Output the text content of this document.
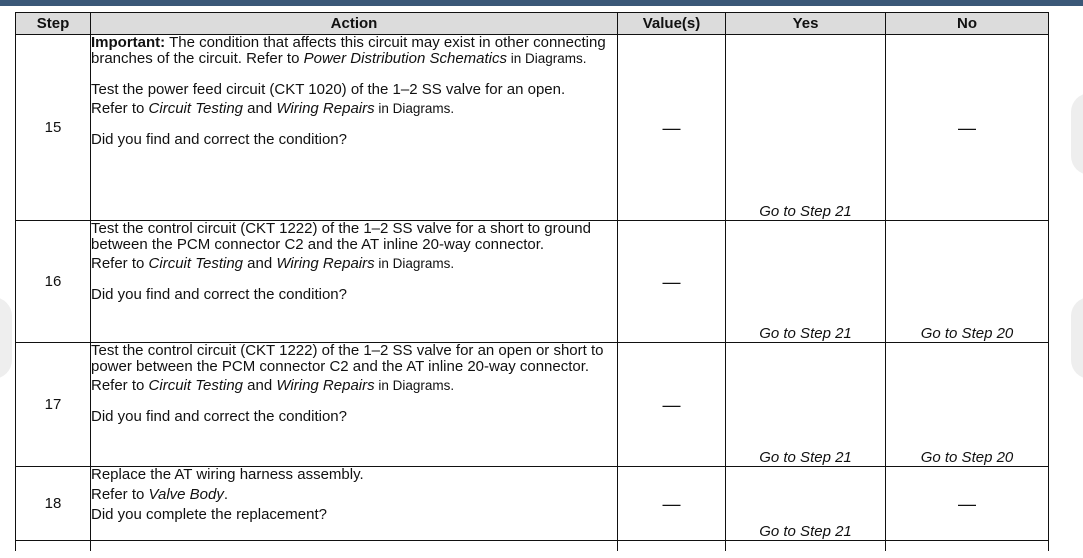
Step	Action	Value(s)	Yes	No
15	Important: The condition that affects this circuit may exist in other connecting branches of the circuit. Refer to Power Distribution Schematics in Diagrams.

Test the power feed circuit (CKT 1020) of the 1–2 SS valve for an open.

Refer to Circuit Testing and Wiring Repairs in Diagrams.

Did you find and correct the condition?	—	Go to Step 21	—
16	Test the control circuit (CKT 1222) of the 1–2 SS valve for a short to ground between the PCM connector C2 and the AT inline 20-way connector.

Refer to Circuit Testing and Wiring Repairs in Diagrams.

Did you find and correct the condition?	—	Go to Step 21	Go to Step 20
17	Test the control circuit (CKT 1222) of the 1–2 SS valve for an open or short to power between the PCM connector C2 and the AT inline 20-way connector.

Refer to Circuit Testing and Wiring Repairs in Diagrams.

Did you find and correct the condition?	—	Go to Step 21	Go to Step 20
18	Replace the AT wiring harness assembly.

Refer to Valve Body.

Did you complete the replacement?	—	Go to Step 21	—
